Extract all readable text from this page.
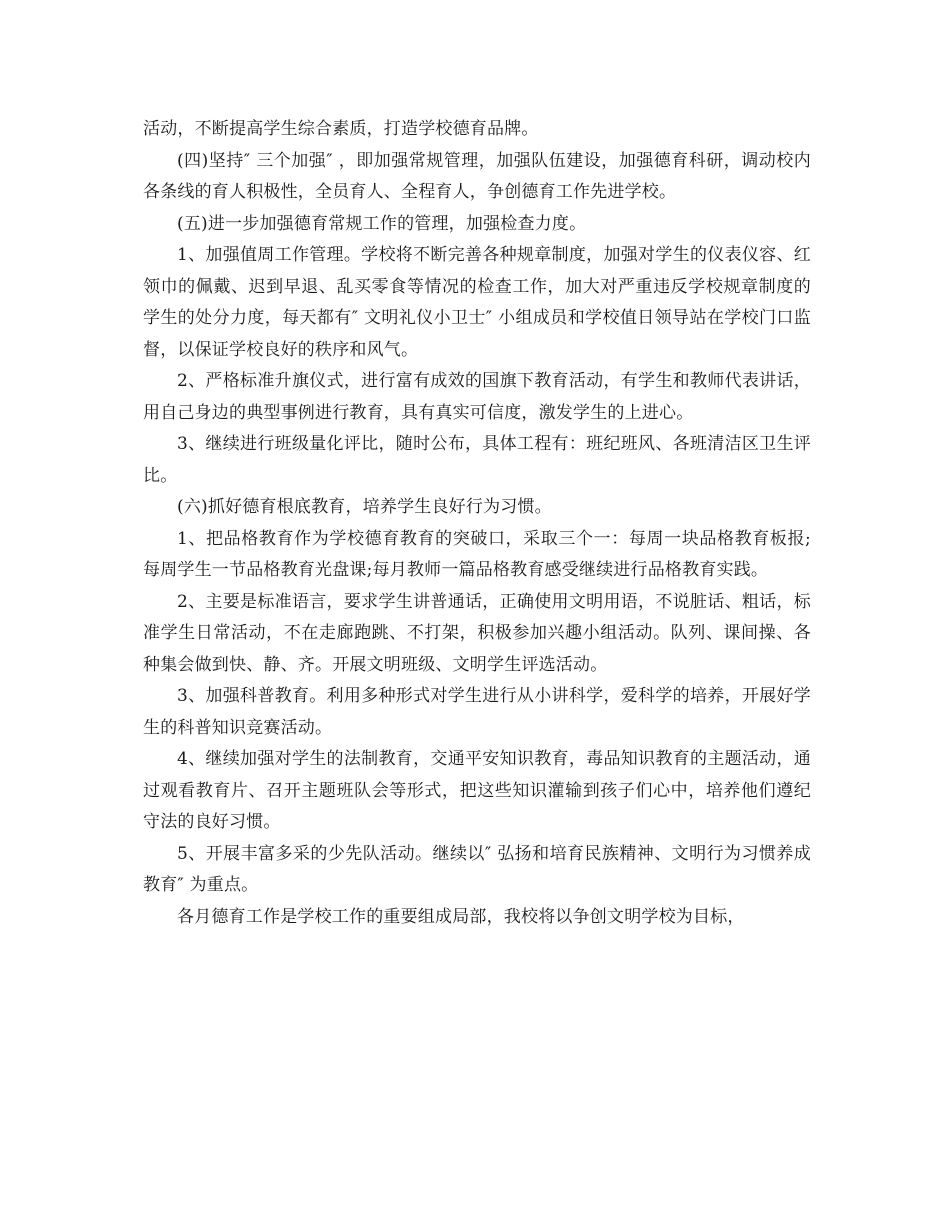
活动，不断提高学生综合素质，打造学校德育品牌。

(四)坚持″ 三个加强″ ，即加强常规管理，加强队伍建设，加强德育科研，调动校内各条线的育人积极性，全员育人、全程育人，争创德育工作先进学校。

(五)进一步加强德育常规工作的管理，加强检查力度。

1、加强值周工作管理。学校将不断完善各种规章制度，加强对学生的仪表仪容、红领巾的佩戴、迟到早退、乱买零食等情况的检查工作，加大对严重违反学校规章制度的学生的处分力度，每天都有″ 文明礼仪小卫士″ 小组成员和学校值日领导站在学校门口监督，以保证学校良好的秩序和风气。

2、严格标准升旗仪式，进行富有成效的国旗下教育活动，有学生和教师代表讲话，用自己身边的典型事例进行教育，具有真实可信度，激发学生的上进心。

3、继续进行班级量化评比，随时公布，具体工程有：班纪班风、各班清洁区卫生评比。

(六)抓好德育根底教育，培养学生良好行为习惯。

1、把品格教育作为学校德育教育的突破口，采取三个一：每周一块品格教育板报;每周学生一节品格教育光盘课;每月教师一篇品格教育感受继续进行品格教育实践。

2、主要是标准语言，要求学生讲普通话，正确使用文明用语，不说脏话、粗话，标准学生日常活动，不在走廊跑跳、不打架，积极参加兴趣小组活动。队列、课间操、各种集会做到快、静、齐。开展文明班级、文明学生评选活动。

3、加强科普教育。利用多种形式对学生进行从小讲科学，爱科学的培养，开展好学生的科普知识竞赛活动。

4、继续加强对学生的法制教育，交通平安知识教育，毒品知识教育的主题活动，通过观看教育片、召开主题班队会等形式，把这些知识灌输到孩子们心中，培养他们遵纪守法的良好习惯。

5、开展丰富多采的少先队活动。继续以″ 弘扬和培育民族精神、文明行为习惯养成教育″ 为重点。

各月德育工作是学校工作的重要组成局部，我校将以争创文明学校为目标，
